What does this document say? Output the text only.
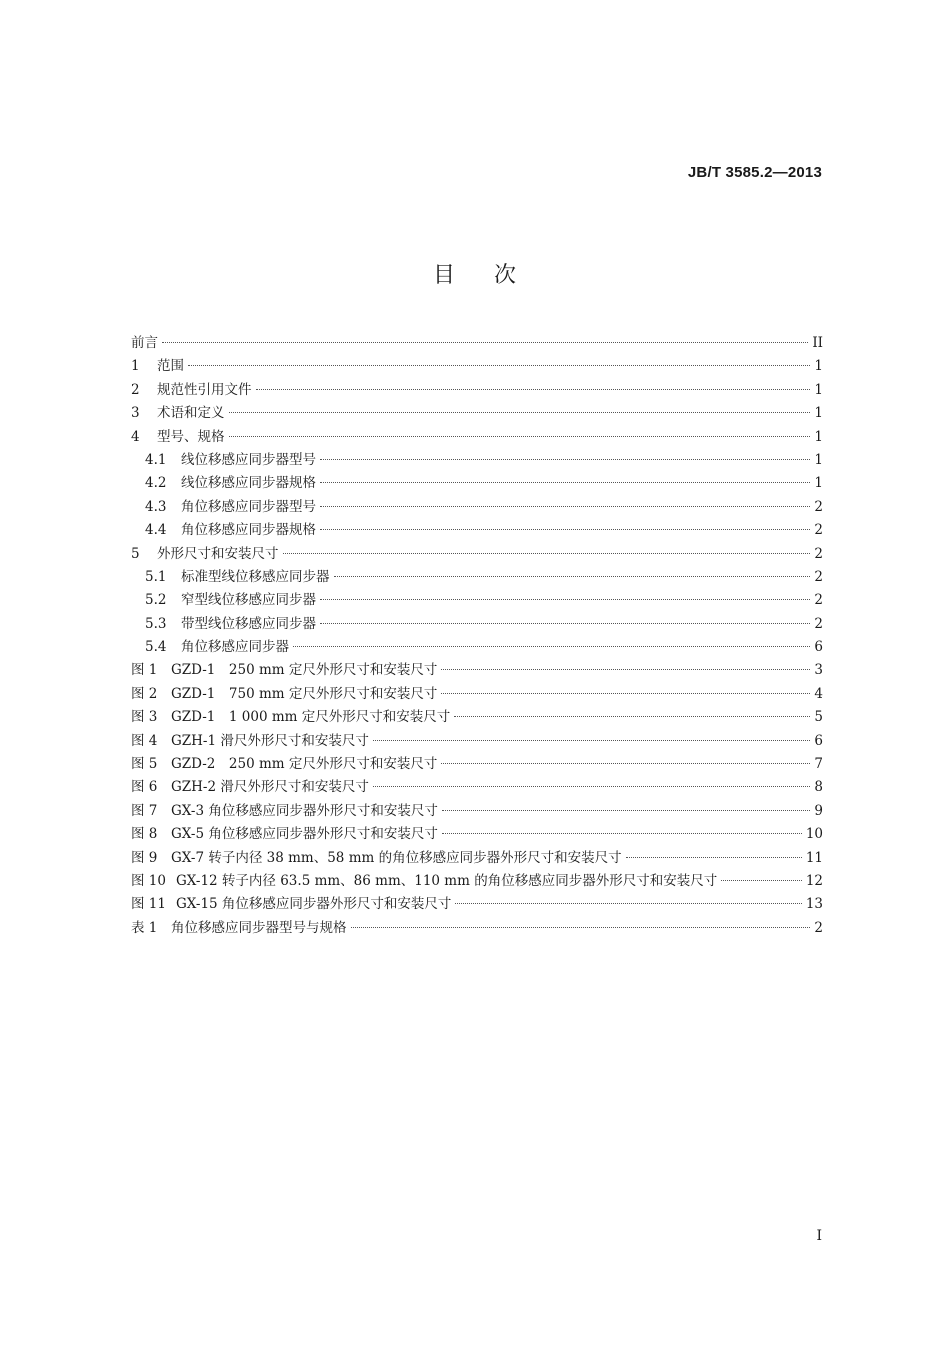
JB/T 3585.2—2013
目 次
前言	II
1	范围	1
2	规范性引用文件	1
3	术语和定义	1
4	型号、规格	1
4.1	线位移感应同步器型号	1
4.2	线位移感应同步器规格	1
4.3	角位移感应同步器型号	2
4.4	角位移感应同步器规格	2
5	外形尺寸和安装尺寸	2
5.1	标准型线位移感应同步器	2
5.2	窄型线位移感应同步器	2
5.3	带型线位移感应同步器	2
5.4	角位移感应同步器	6
图 1 GZD-1　250 mm 定尺外形尺寸和安装尺寸	3
图 2 GZD-1　750 mm 定尺外形尺寸和安装尺寸	4
图 3 GZD-1　1 000 mm 定尺外形尺寸和安装尺寸	5
图 4 GZH-1 滑尺外形尺寸和安装尺寸	6
图 5 GZD-2　250 mm 定尺外形尺寸和安装尺寸	7
图 6 GZH-2 滑尺外形尺寸和安装尺寸	8
图 7 GX-3 角位移感应同步器外形尺寸和安装尺寸	9
图 8 GX-5 角位移感应同步器外形尺寸和安装尺寸	10
图 9 GX-7 转子内径 38 mm、58 mm 的角位移感应同步器外形尺寸和安装尺寸	11
图 10 GX-12 转子内径 63.5 mm、86 mm、110 mm 的角位移感应同步器外形尺寸和安装尺寸	12
图 11 GX-15 角位移感应同步器外形尺寸和安装尺寸	13
表 1 角位移感应同步器型号与规格	2
I
